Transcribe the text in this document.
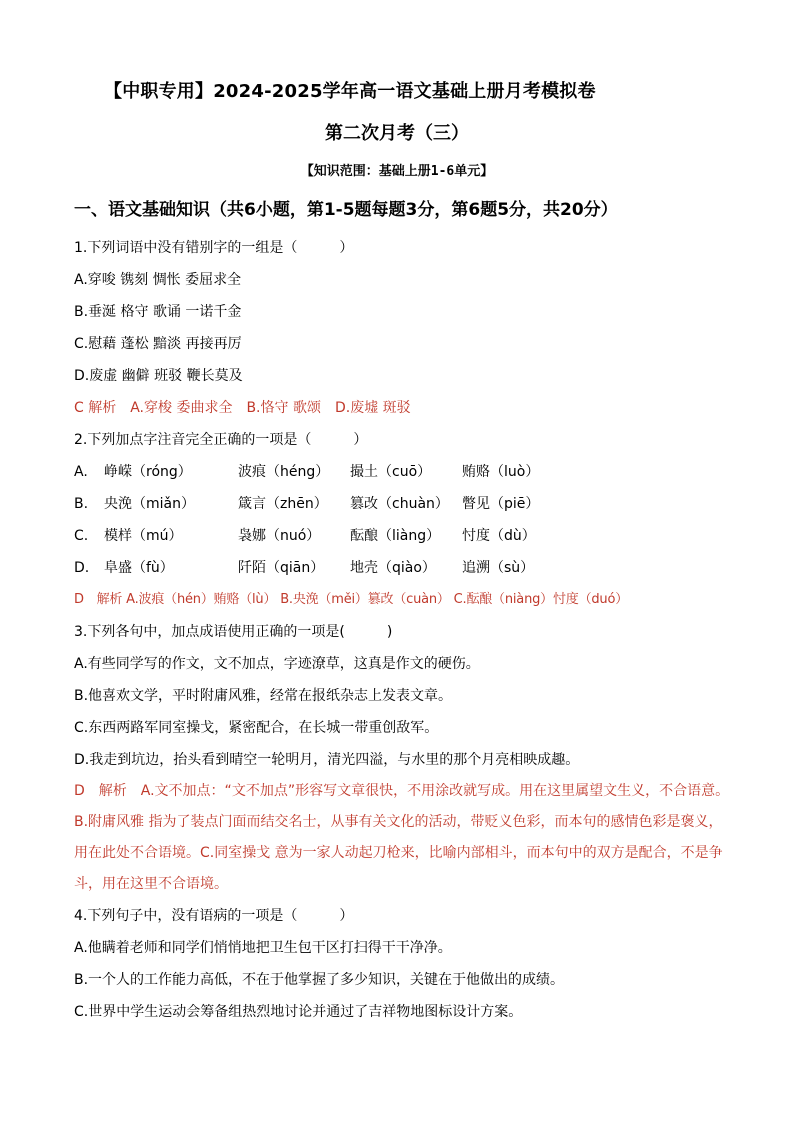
【中职专用】2024-2025学年高一语文基础上册月考模拟卷
第二次月考（三）
【知识范围：基础上册1-6单元】
一、语文基础知识（共6小题，第1-5题每题3分，第6题5分，共20分）
1.下列词语中没有错别字的一组是（　　　）
A.穿唆 镌刻 惆怅 委屈求全
B.垂涎 格守 歌诵 一诺千金
C.慰藉 蓬松 黯淡 再接再厉
D.废虚 幽僻 班驳 鞭长莫及
C 解析　A.穿梭 委曲求全　B.恪守 歌颂　D.废墟 斑驳
2.下列加点字注音完全正确的一项是（　　　）
A.	峥嵘（róng）	波痕（héng）	撮土（cuō）	贿赂（luò）
B.	央浼（miǎn）	箴言（zhēn）	篡改（chuàn） 瞥见（piē）
C.	模样（mú）	袅娜（nuó）	酝酿（liàng）	忖度（dù）
D.	阜盛（fù）	阡陌（qiān）	地壳（qiào）	追溯（sù）
D　解析 A.波痕（hén）贿赂（lù） B.央浼（měi）篡改（cuàn） C.酝酿（niàng）忖度（duó）
3.下列各句中，加点成语使用正确的一项是(　　　)
A.有些同学写的作文，文不加点，字迹潦草，这真是作文的硬伤。
B.他喜欢文学，平时附庸风雅，经常在报纸杂志上发表文章。
C.东西两路军同室操戈，紧密配合，在长城一带重创敌军。
D.我走到坑边，抬头看到晴空一轮明月，清光四溢，与水里的那个月亮相映成趣。
D　解析　A.文不加点：“文不加点”形容写文章很快，不用涂改就写成。用在这里属望文生义，不合语意。B.附庸风雅 指为了装点门面而结交名士，从事有关文化的活动，带贬义色彩，而本句的感情色彩是褒义，用在此处不合语境。C.同室操戈 意为一家人动起刀枪来，比喻内部相斗，而本句中的双方是配合，不是争斗，用在这里不合语境。
4.下列句子中，没有语病的一项是（　　　）
A.他瞒着老师和同学们悄悄地把卫生包干区打扫得干干净净。
B.一个人的工作能力高低，不在于他掌握了多少知识，关键在于他做出的成绩。
C.世界中学生运动会筹备组热烈地讨论并通过了吉祥物地图标设计方案。
